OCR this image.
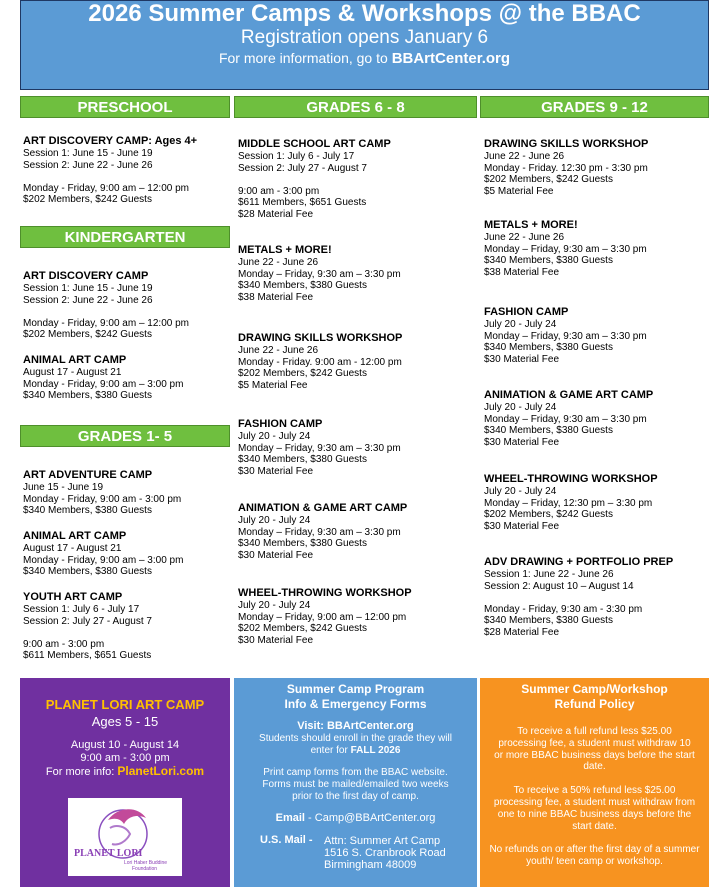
2026 Summer Camps & Workshops @ the BBAC
Registration opens January 6
For more information, go to BBArtCenter.org
PRESCHOOL	GRADES 6 - 8	GRADES 9 - 12
KINDERGARTEN
GRADES 1- 5
ART DISCOVERY CAMP: Ages 4+
Session 1: June 15 - June 19
Session 2: June 22 - June 26
Monday - Friday, 9:00 am – 12:00 pm
$202 Members, $242 Guests
ART DISCOVERY CAMP
Session 1: June 15 - June 19
Session 2: June 22 - June 26
Monday - Friday, 9:00 am – 12:00 pm
$202 Members, $242 Guests
ANIMAL ART CAMP
August 17 - August 21
Monday - Friday, 9:00 am – 3:00 pm
$340 Members, $380 Guests
ART ADVENTURE CAMP
June 15 - June 19
Monday - Friday, 9:00 am - 3:00 pm
$340 Members, $380 Guests
ANIMAL ART CAMP
August 17 - August 21
Monday - Friday, 9:00 am – 3:00 pm
$340 Members, $380 Guests
YOUTH ART CAMP
Session 1: July 6 - July 17
Session 2: July 27 - August 7
9:00 am - 3:00 pm
$611 Members, $651 Guests
MIDDLE SCHOOL ART CAMP
Session 1: July 6 - July 17
Session 2: July 27 - August 7
9:00 am - 3:00 pm
$611 Members, $651 Guests
$28 Material Fee
METALS + MORE!
June 22 - June 26
Monday – Friday, 9:30 am – 3:30 pm
$340 Members, $380 Guests
$38 Material Fee
DRAWING SKILLS WORKSHOP
June 22 - June 26
Monday - Friday. 9:00 am - 12:00 pm
$202 Members, $242 Guests
$5 Material Fee
FASHION CAMP
July 20 - July 24
Monday – Friday, 9:30 am – 3:30 pm
$340 Members, $380 Guests
$30 Material Fee
ANIMATION & GAME ART CAMP
July 20 - July 24
Monday – Friday, 9:30 am – 3:30 pm
$340 Members, $380 Guests
$30 Material Fee
WHEEL-THROWING WORKSHOP
July 20 - July 24
Monday – Friday, 9:00 am – 12:00 pm
$202 Members, $242 Guests
$30 Material Fee
DRAWING SKILLS WORKSHOP
June 22 - June 26
Monday - Friday. 12:30 pm - 3:30 pm
$202 Members, $242 Guests
$5 Material Fee
METALS + MORE!
June 22 - June 26
Monday – Friday, 9:30 am – 3:30 pm
$340 Members, $380 Guests
$38 Material Fee
FASHION CAMP
July 20 - July 24
Monday – Friday, 9:30 am – 3:30 pm
$340 Members, $380 Guests
$30 Material Fee
ANIMATION & GAME ART CAMP
July 20 - July 24
Monday – Friday, 9:30 am – 3:30 pm
$340 Members, $380 Guests
$30 Material Fee
WHEEL-THROWING WORKSHOP
July 20 - July 24
Monday – Friday, 12:30 pm – 3:30 pm
$202 Members, $242 Guests
$30 Material Fee
ADV DRAWING + PORTFOLIO PREP
Session 1: June 22 - June 26
Session 2: August 10 – August 14
Monday - Friday, 9:30 am - 3:30 pm
$340 Members, $380 Guests
$28 Material Fee
PLANET LORI ART CAMP
Ages 5 - 15
August 10 - August 14
9:00 am - 3:00 pm
For more info: PlanetLori.com
PLANET LORI
Lori Haber Buddine
Foundation
Summer Camp Program
Info & Emergency Forms
Visit: BBArtCenter.org
Students should enroll in the grade they will enter for FALL 2026
Print camp forms from the BBAC website. Forms must be mailed/emailed two weeks prior to the first day of camp.
Email - Camp@BBArtCenter.org
U.S. Mail - Attn: Summer Art Camp
1516 S. Cranbrook Road
Birmingham 48009
Summer Camp/Workshop
Refund Policy
To receive a full refund less $25.00 processing fee, a student must withdraw 10 or more BBAC business days before the start date.
To receive a 50% refund less $25.00 processing fee, a student must withdraw from one to nine BBAC business days before the start date.
No refunds on or after the first day of a summer youth/ teen camp or workshop.
